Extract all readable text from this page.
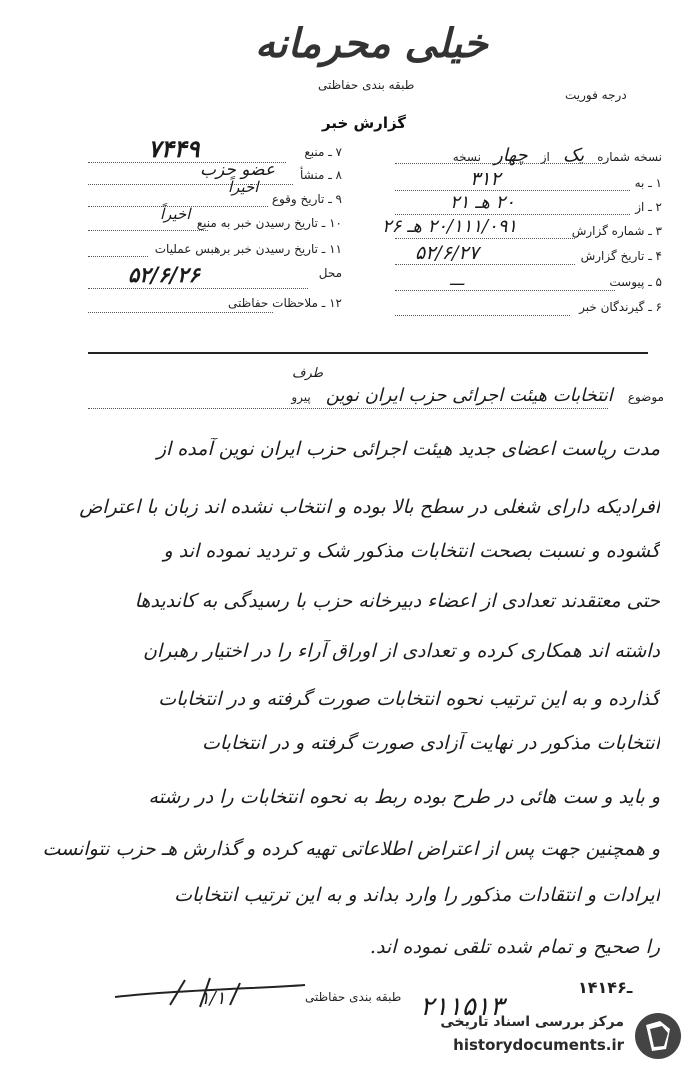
خیلی محرمانه
طبقه بندی حفاظتی
درجه فوریت
گزارش خبر
نسخه شماره یک از چهار نسخه
۱ ـ به
۳۱۲
۲ ـ از
۲۰ هـ ۲۱
۳ ـ شماره گزارش
۲۰/۱۱۱/۰۹۱ هـ ۲۶
۴ ـ تاریخ گزارش
۵۲/۶/۲۷
۵ ـ پیوست
ـــ
۶ ـ گیرندگان خبر
۷ ـ منبع
۷۴۴۹
۸ ـ منشأ
عضو حزب
۹ ـ تاریخ وقوع
اخیراً
۱۰ ـ تاریخ رسیدن خبر به منبع
اخیراً
۱۱ ـ تاریخ رسیدن خبر برهبس عملیات
محل
۵۲/۶/۲۶
۱۲ ـ ملاحظات حفاظتی
موضوع انتخابات هیئت اجرائی حزب ایران نوین پیرو
طرف
مدت ریاست اعضای جدید هیئت اجرائی حزب ایران نوین آمده از
افرادیکه دارای شغلی در سطح بالا بوده و انتخاب نشده اند زبان با اعتراض
گشوده و نسبت بصحت انتخابات مذکور شک و تردید نموده اند و
حتی معتقدند تعدادی از اعضاء دبیرخانه حزب با رسیدگی به کاندیدها
داشته اند همکاری کرده و تعدادی از اوراق آراء را در اختیار رهبران
گذارده و به این ترتیب نحوه انتخابات صورت گرفته و در انتخابات
انتخابات مذکور در نهایت آزادی صورت گرفته و در انتخابات
و باید و ست هائی در طرح بوده ربط به نحوه انتخابات را در رشته
و همچنین جهت پس از اعتراض اطلاعاتی تهیه کرده و گذارش هـ حزب نتوانست
ایرادات و انتقادات مذکور را وارد بداند و به این ترتیب انتخابات
را صحیح و تمام شده تلقی نموده اند.
۱/۱	طبقه بندی حفاظتی ۲۱۱۵۱۳
۱۴۱ـ۴۶
مرکز بررسی اسناد تاریخی
historydocuments.ir
